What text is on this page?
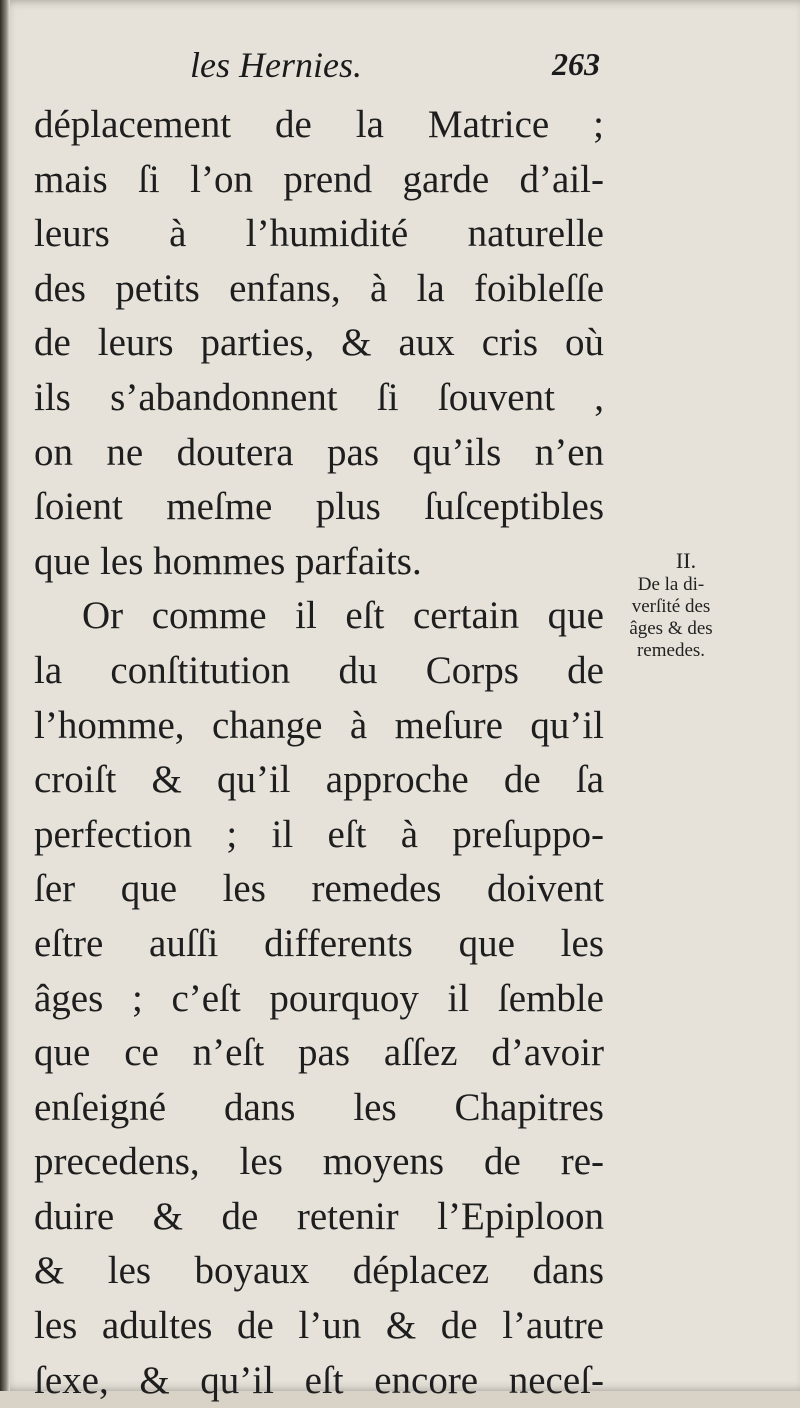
les Hernies.	263
déplacement de la Matrice ;
mais ſi l’on prend garde d’ail-
leurs à l’humidité naturelle
des petits enfans, à la foibleſſe
de leurs parties, & aux cris où
ils s’abandonnent ſi ſouvent ,
on ne doutera pas qu’ils n’en
ſoient meſme plus ſuſceptibles
que les hommes parfaits.
Or comme il eſt certain que
la conſtitution du Corps de
l’homme, change à meſure qu’il
croiſt & qu’il approche de ſa
perfection ; il eſt à preſuppo-
ſer que les remedes doivent
eſtre auſſi differents que les
âges ; c’eſt pourquoy il ſemble
que ce n’eſt pas aſſez d’avoir
enſeigné dans les Chapitres
precedens, les moyens de re-
duire & de retenir l’Epiploon
& les boyaux déplacez dans
les adultes de l’un & de l’autre
ſexe, & qu’il eſt encore neceſ-
II.
De la di-
verſité des
âges & des
remedes.
